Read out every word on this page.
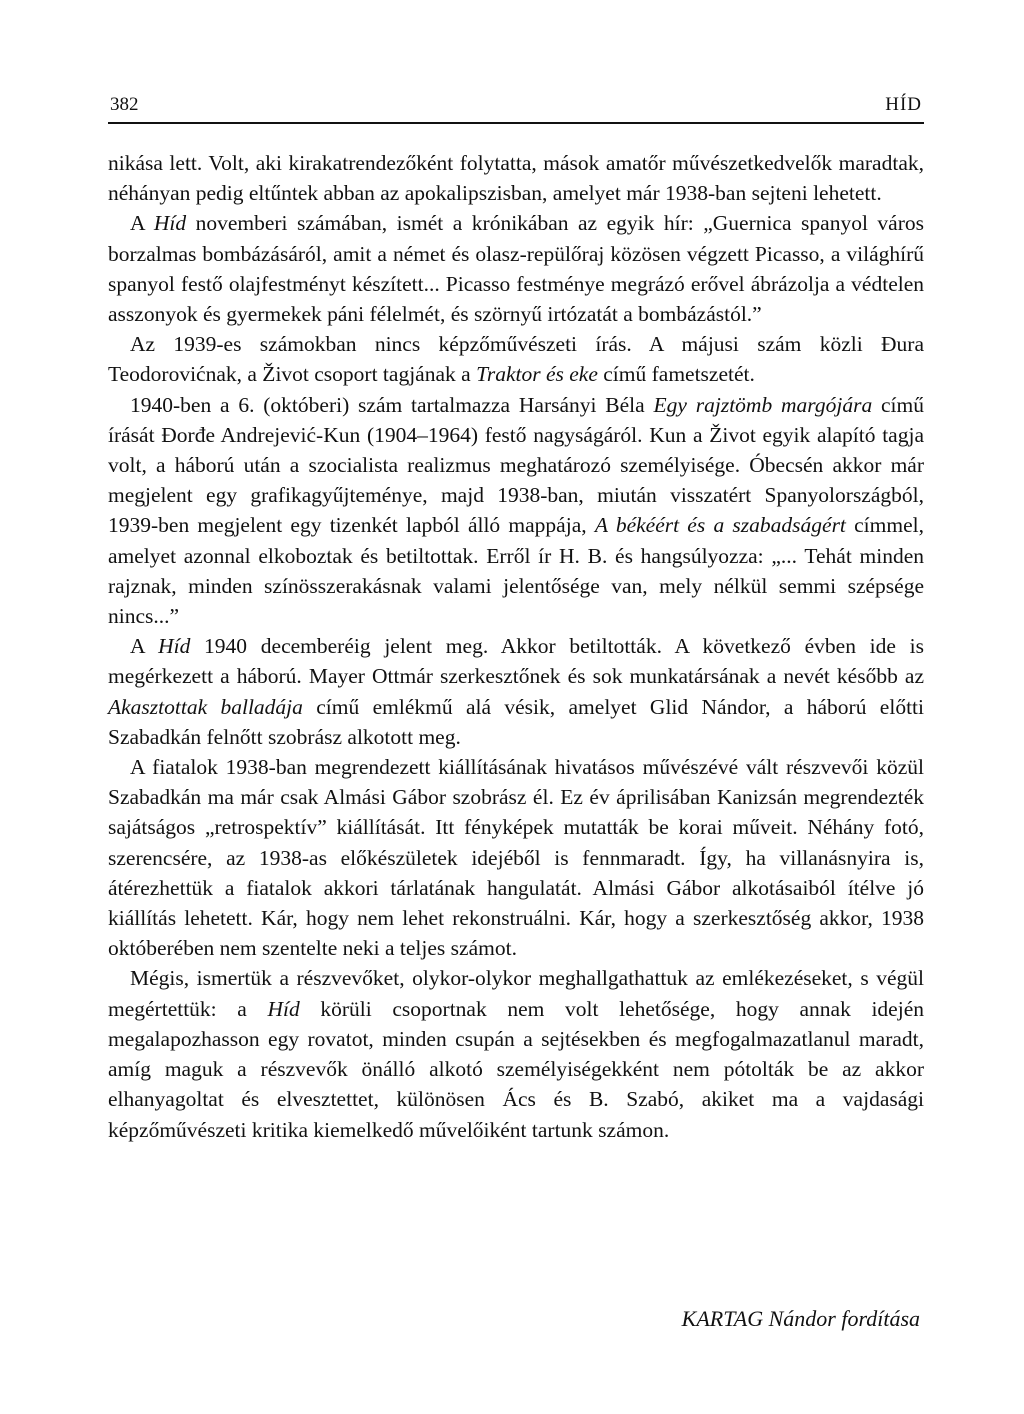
382	HÍD

nikása lett. Volt, aki kirakatrendezőként folytatta, mások amatőr művészetkedvelők maradtak, néhányan pedig eltűntek abban az apokalipszisban, amelyet már 1938-ban sejteni lehetett.

A Híd novemberi számában, ismét a krónikában az egyik hír: „Guernica spanyol város borzalmas bombázásáról, amit a német és olasz-repülőraj közösen végzett Picasso, a világhírű spanyol festő olajfestményt készített... Picasso festménye megrázó erővel ábrázolja a védtelen asszonyok és gyermekek páni félelmét, és szörnyű irtózatát a bombázástól.”

Az 1939-es számokban nincs képzőművészeti írás. A májusi szám közli Đura Teodorovićnak, a Život csoport tagjának a Traktor és eke című fametszetét.

1940-ben a 6. (októberi) szám tartalmazza Harsányi Béla Egy rajztömb margójára című írását Đorđe Andrejević-Kun (1904–1964) festő nagyságáról. Kun a Život egyik alapító tagja volt, a háború után a szocialista realizmus meghatározó személyisége. Óbecsén akkor már megjelent egy grafikagyűjteménye, majd 1938-ban, miután visszatért Spanyolországból, 1939-ben megjelent egy tizenkét lapból álló mappája, A békéért és a szabadságért címmel, amelyet azonnal elkoboztak és betiltottak. Erről ír H. B. és hangsúlyozza: „... Tehát minden rajznak, minden színösszerakásnak valami jelentősége van, mely nélkül semmi szépsége nincs...”

A Híd 1940 decemberéig jelent meg. Akkor betiltották. A következő évben ide is megérkezett a háború. Mayer Ottmár szerkesztőnek és sok munkatársának a nevét később az Akasztottak balladája című emlékmű alá vésik, amelyet Glid Nándor, a háború előtti Szabadkán felnőtt szobrász alkotott meg.

A fiatalok 1938-ban megrendezett kiállításának hivatásos művészévé vált részvevői közül Szabadkán ma már csak Almási Gábor szobrász él. Ez év áprilisában Kanizsán megrendezték sajátságos „retrospektív” kiállítását. Itt fényképek mutatták be korai műveit. Néhány fotó, szerencsére, az 1938-as előkészületek idejéből is fennmaradt. Így, ha villanásnyira is, átérezhettük a fiatalok akkori tárlatának hangulatát. Almási Gábor alkotásaiból ítélve jó kiállítás lehetett. Kár, hogy nem lehet rekonstruálni. Kár, hogy a szerkesztőség akkor, 1938 októberében nem szentelte neki a teljes számot.

Mégis, ismertük a részvevőket, olykor-olykor meghallgathattuk az emlékezéseket, s végül megértettük: a Híd körüli csoportnak nem volt lehetősége, hogy annak idején megalapozhasson egy rovatot, minden csupán a sejtésekben és megfogalmazatlanul maradt, amíg maguk a részvevők önálló alkotó személyiségekként nem pótolták be az akkor elhanyagoltat és elvesztettet, különösen Ács és B. Szabó, akiket ma a vajdasági képzőművészeti kritika kiemelkedő művelőiként tartunk számon.

KARTAG Nándor fordítása
